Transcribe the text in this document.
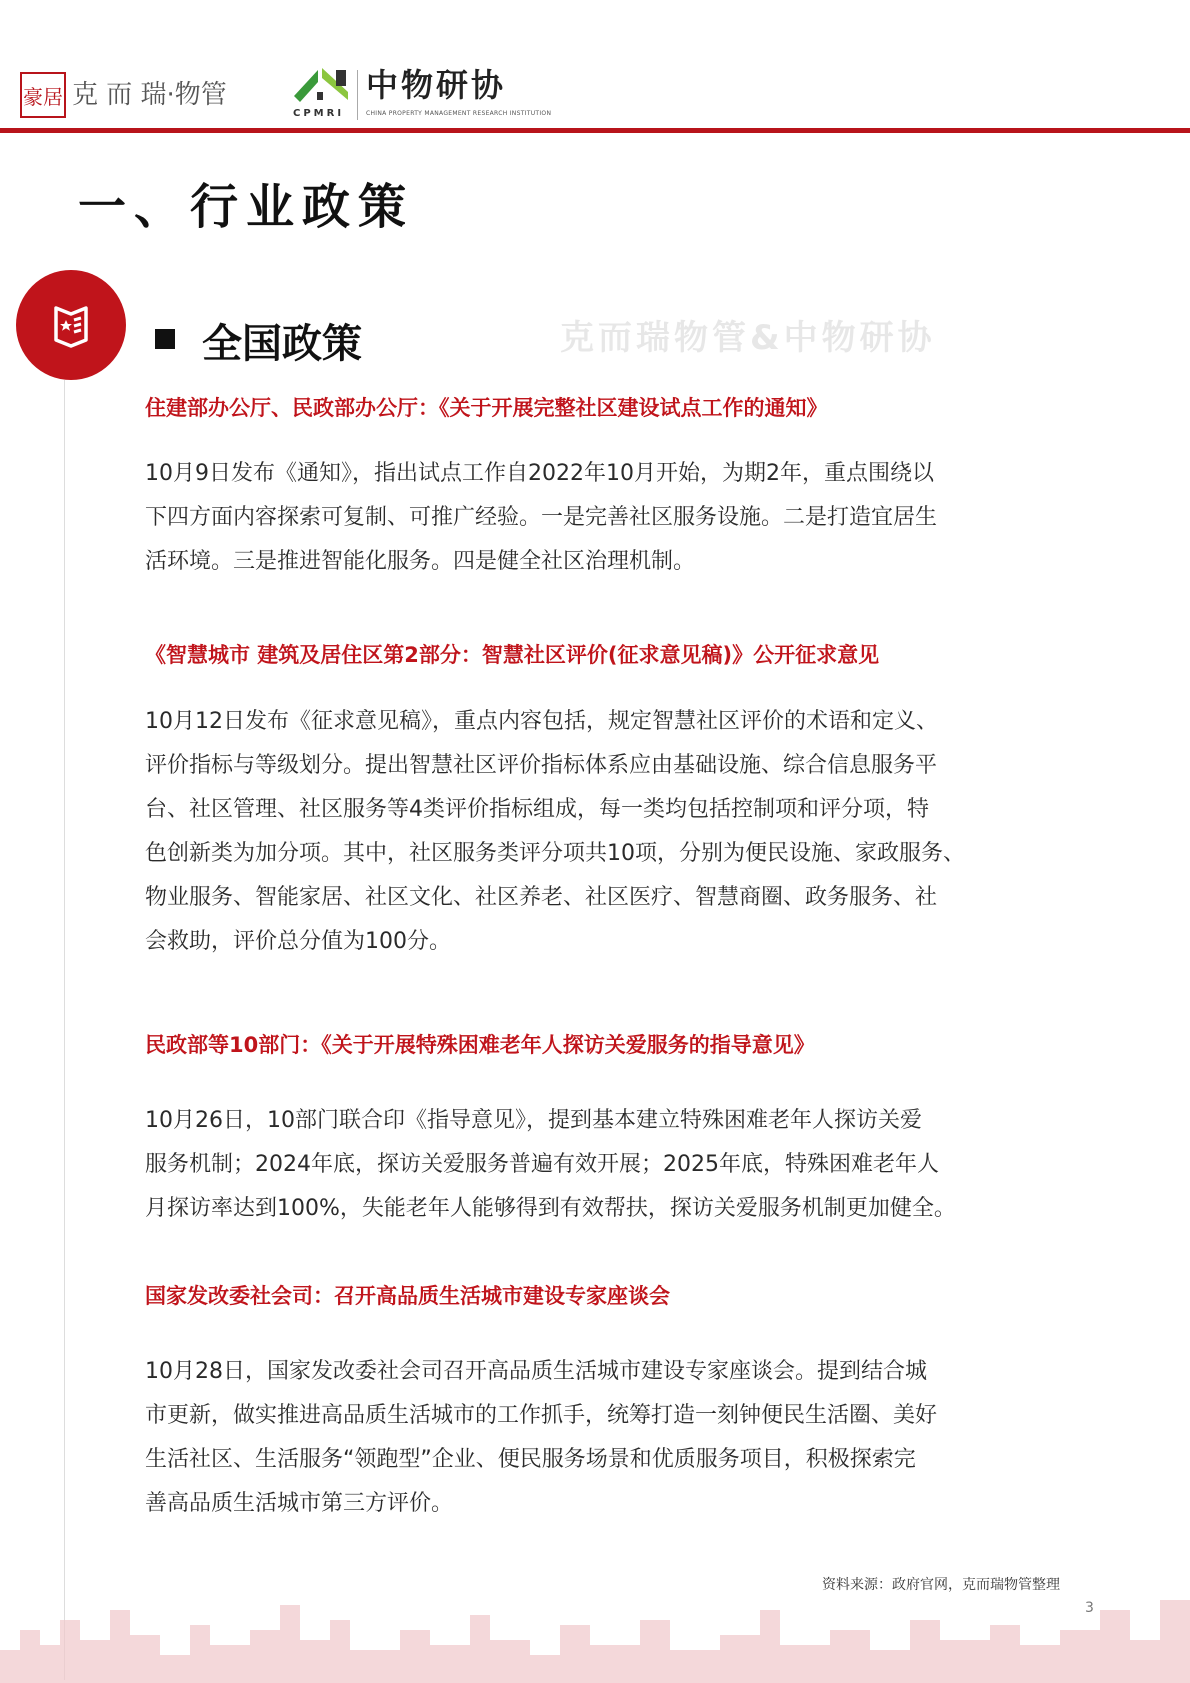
豪居 克 而 瑞·物管
CPMRI
中物研协
CHINA PROPERTY MANAGEMENT RESEARCH INSTITUTION
一、行业政策
全国政策	克而瑞物管&中物研协
住建部办公厅、民政部办公厅：《关于开展完整社区建设试点工作的通知》
10月9日发布《通知》，指出试点工作自2022年10月开始，为期2年，重点围绕以
下四方面内容探索可复制、可推广经验。一是完善社区服务设施。二是打造宜居生
活环境。三是推进智能化服务。四是健全社区治理机制。
《智慧城市 建筑及居住区第2部分：智慧社区评价(征求意见稿)》公开征求意见
10月12日发布《征求意见稿》，重点内容包括，规定智慧社区评价的术语和定义、
评价指标与等级划分。提出智慧社区评价指标体系应由基础设施、综合信息服务平
台、社区管理、社区服务等4类评价指标组成，每一类均包括控制项和评分项，特
色创新类为加分项。其中，社区服务类评分项共10项，分别为便民设施、家政服务、
物业服务、智能家居、社区文化、社区养老、社区医疗、智慧商圈、政务服务、社
会救助，评价总分值为100分。
民政部等10部门：《关于开展特殊困难老年人探访关爱服务的指导意见》
10月26日，10部门联合印《指导意见》，提到基本建立特殊困难老年人探访关爱
服务机制；2024年底，探访关爱服务普遍有效开展；2025年底，特殊困难老年人
月探访率达到100%，失能老年人能够得到有效帮扶，探访关爱服务机制更加健全。
国家发改委社会司：召开高品质生活城市建设专家座谈会
10月28日，国家发改委社会司召开高品质生活城市建设专家座谈会。提到结合城
市更新，做实推进高品质生活城市的工作抓手，统筹打造一刻钟便民生活圈、美好
生活社区、生活服务“领跑型”企业、便民服务场景和优质服务项目，积极探索完
善高品质生活城市第三方评价。
资料来源：政府官网，克而瑞物管整理
3
